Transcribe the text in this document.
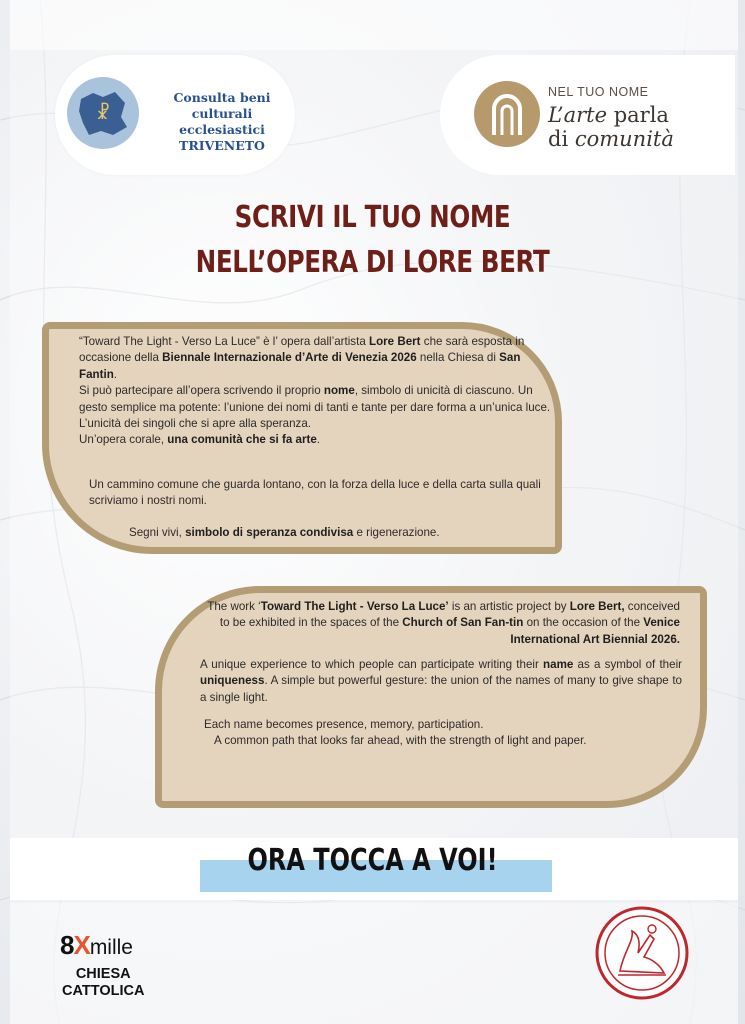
☧
Consulta beni
culturali ecclesiastici
TRIVENETO
NEL TUO NOME
L’arte parla
di comunità
SCRIVI IL TUO NOME
NELL’OPERA DI LORE BERT

“Toward The Light - Verso La Luce” è l’ opera dall’artista Lore Bert che sarà esposta in occasione della Biennale Internazionale d’Arte di Venezia 2026 nella Chiesa di San Fantin.

Si può partecipare all’opera scrivendo il proprio nome, simbolo di unicità di ciascuno. Un gesto semplice ma potente: l’unione dei nomi di tanti e tante per dare forma a un’unica luce. L’unicità dei singoli che si apre alla speranza.

Un’opera corale, una comunità che si fa arte.

Un cammino comune che guarda lontano, con la forza della luce e della carta sulla quali scriviamo i nostri nomi.

Segni vivi, simbolo di speranza condivisa e rigenerazione.

The work ‘Toward The Light - Verso La Luce’ is an artistic project by Lore Bert, conceived to be exhibited in the spaces of the Church of San Fan-tin on the occasion of the Venice International Art Biennial 2026.

A unique experience to which people can participate writing their name as a symbol of their uniqueness. A simple but powerful gesture: the union of the names of many to give shape to a single light.

Each name becomes presence, memory, participation.

A common path that looks far ahead, with the strength of light and paper.

ORA TOCCA A VOI!
8Xmille
CHIESA
CATTOLICA
